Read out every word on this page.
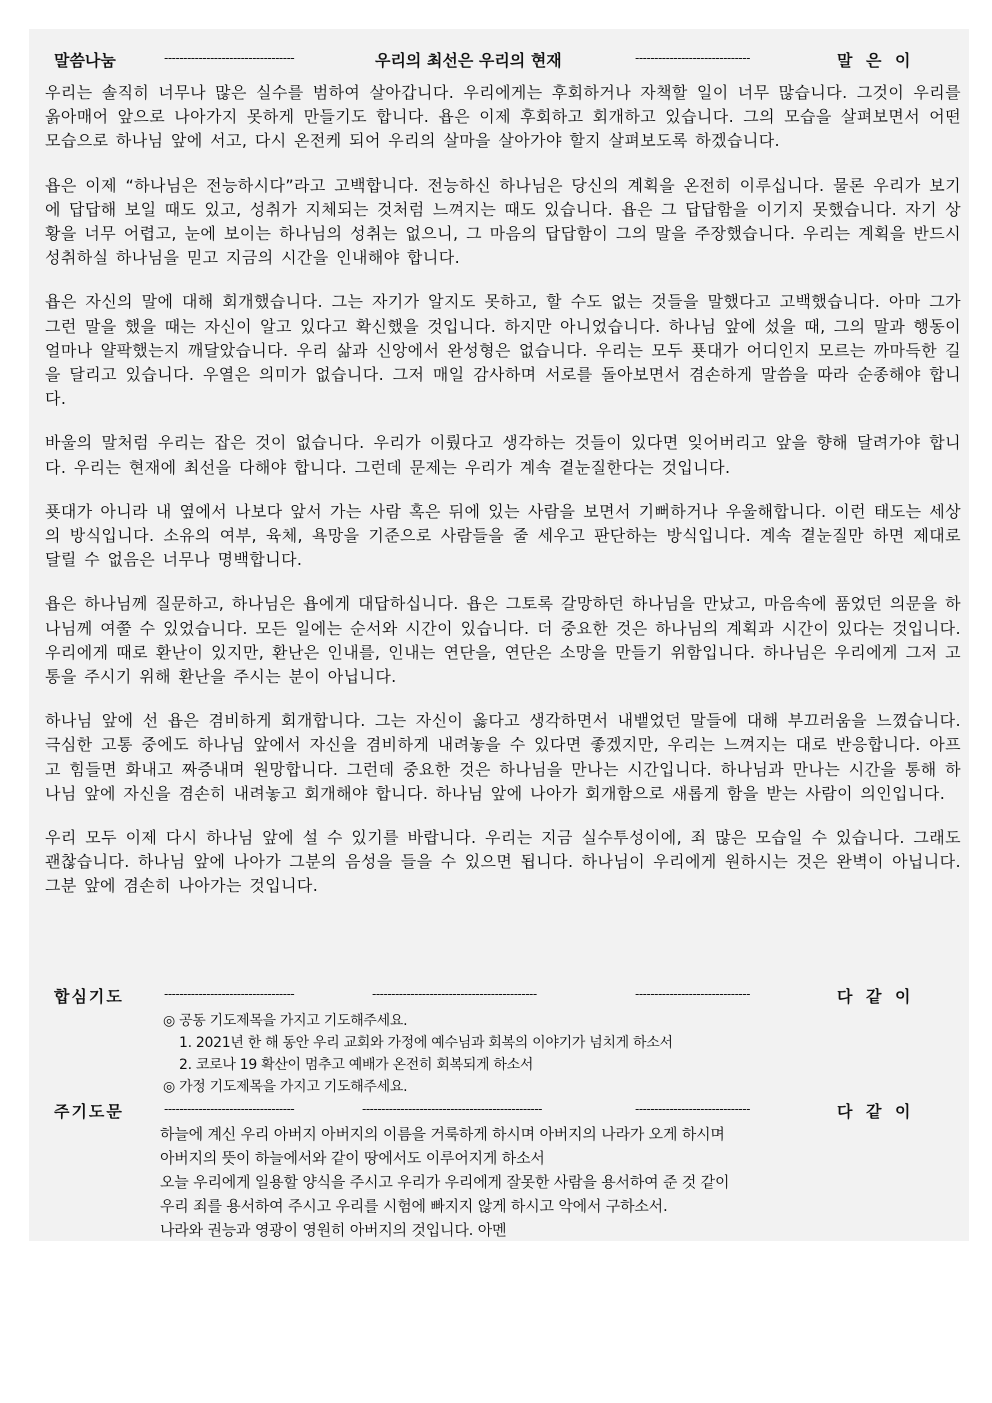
말씀나눔	----------------------------------	우리의 최선은 우리의 현재	------------------------------	말 은 이

우리는 솔직히 너무나 많은 실수를 범하여 살아갑니다. 우리에게는 후회하거나 자책할 일이 너무 많습니다. 그것이 우리를 옭아매어 앞으로 나아가지 못하게 만들기도 합니다. 욥은 이제 후회하고 회개하고 있습니다. 그의 모습을 살펴보면서 어떤 모습으로 하나님 앞에 서고, 다시 온전케 되어 우리의 살마을 살아가야 할지 살펴보도록 하겠습니다.

욥은 이제 “하나님은 전능하시다”라고 고백합니다. 전능하신 하나님은 당신의 계획을 온전히 이루십니다. 물론 우리가 보기에 답답해 보일 때도 있고, 성취가 지체되는 것처럼 느껴지는 때도 있습니다. 욥은 그 답답함을 이기지 못했습니다. 자기 상황을 너무 어렵고, 눈에 보이는 하나님의 성취는 없으니, 그 마음의 답답함이 그의 말을 주장했습니다. 우리는 계획을 반드시 성취하실 하나님을 믿고 지금의 시간을 인내해야 합니다.

욥은 자신의 말에 대해 회개했습니다. 그는 자기가 알지도 못하고, 할 수도 없는 것들을 말했다고 고백했습니다. 아마 그가 그런 말을 했을 때는 자신이 알고 있다고 확신했을 것입니다. 하지만 아니었습니다. 하나님 앞에 섰을 때, 그의 말과 행동이 얼마나 얄팍했는지 깨달았습니다. 우리 삶과 신앙에서 완성형은 없습니다. 우리는 모두 푯대가 어디인지 모르는 까마득한 길을 달리고 있습니다. 우열은 의미가 없습니다. 그저 매일 감사하며 서로를 돌아보면서 겸손하게 말씀을 따라 순종해야 합니다.

바울의 말처럼 우리는 잡은 것이 없습니다. 우리가 이뤘다고 생각하는 것들이 있다면 잊어버리고 앞을 향해 달려가야 합니다. 우리는 현재에 최선을 다해야 합니다. 그런데 문제는 우리가 계속 곁눈질한다는 것입니다.

푯대가 아니라 내 옆에서 나보다 앞서 가는 사람 혹은 뒤에 있는 사람을 보면서 기뻐하거나 우울해합니다. 이런 태도는 세상의 방식입니다. 소유의 여부, 육체, 욕망을 기준으로 사람들을 줄 세우고 판단하는 방식입니다. 계속 곁눈질만 하면 제대로 달릴 수 없음은 너무나 명백합니다.

욥은 하나님께 질문하고, 하나님은 욥에게 대답하십니다. 욥은 그토록 갈망하던 하나님을 만났고, 마음속에 품었던 의문을 하나님께 여쭐 수 있었습니다. 모든 일에는 순서와 시간이 있습니다. 더 중요한 것은 하나님의 계획과 시간이 있다는 것입니다. 우리에게 때로 환난이 있지만, 환난은 인내를, 인내는 연단을, 연단은 소망을 만들기 위함입니다. 하나님은 우리에게 그저 고통을 주시기 위해 환난을 주시는 분이 아닙니다.

하나님 앞에 선 욥은 겸비하게 회개합니다. 그는 자신이 옳다고 생각하면서 내뱉었던 말들에 대해 부끄러움을 느꼈습니다. 극심한 고통 중에도 하나님 앞에서 자신을 겸비하게 내려놓을 수 있다면 좋겠지만, 우리는 느껴지는 대로 반응합니다. 아프고 힘들면 화내고 짜증내며 원망합니다. 그런데 중요한 것은 하나님을 만나는 시간입니다. 하나님과 만나는 시간을 통해 하나님 앞에 자신을 겸손히 내려놓고 회개해야 합니다. 하나님 앞에 나아가 회개함으로 새롭게 함을 받는 사람이 의인입니다.

우리 모두 이제 다시 하나님 앞에 설 수 있기를 바랍니다. 우리는 지금 실수투성이에, 죄 많은 모습일 수 있습니다. 그래도 괜찮습니다. 하나님 앞에 나아가 그분의 음성을 들을 수 있으면 됩니다. 하나님이 우리에게 원하시는 것은 완벽이 아닙니다. 그분 앞에 겸손히 나아가는 것입니다.

합심기도	----------------------------------	-------------------------------------------	------------------------------	다 같 이
◎ 공동 기도제목을 가지고 기도해주세요.
1. 2021년 한 해 동안 우리 교회와 가정에 예수님과 회복의 이야기가 넘치게 하소서
2. 코로나 19 확산이 멈추고 예배가 온전히 회복되게 하소서
◎ 가정 기도제목을 가지고 기도해주세요.
주기도문	----------------------------------	-----------------------------------------------	------------------------------	다 같 이
하늘에 계신 우리 아버지 아버지의 이름을 거룩하게 하시며 아버지의 나라가 오게 하시며
아버지의 뜻이 하늘에서와 같이 땅에서도 이루어지게 하소서
오늘 우리에게 일용할 양식을 주시고 우리가 우리에게 잘못한 사람을 용서하여 준 것 같이
우리 죄를 용서하여 주시고 우리를 시험에 빠지지 않게 하시고 악에서 구하소서.
나라와 권능과 영광이 영원히 아버지의 것입니다. 아멘
